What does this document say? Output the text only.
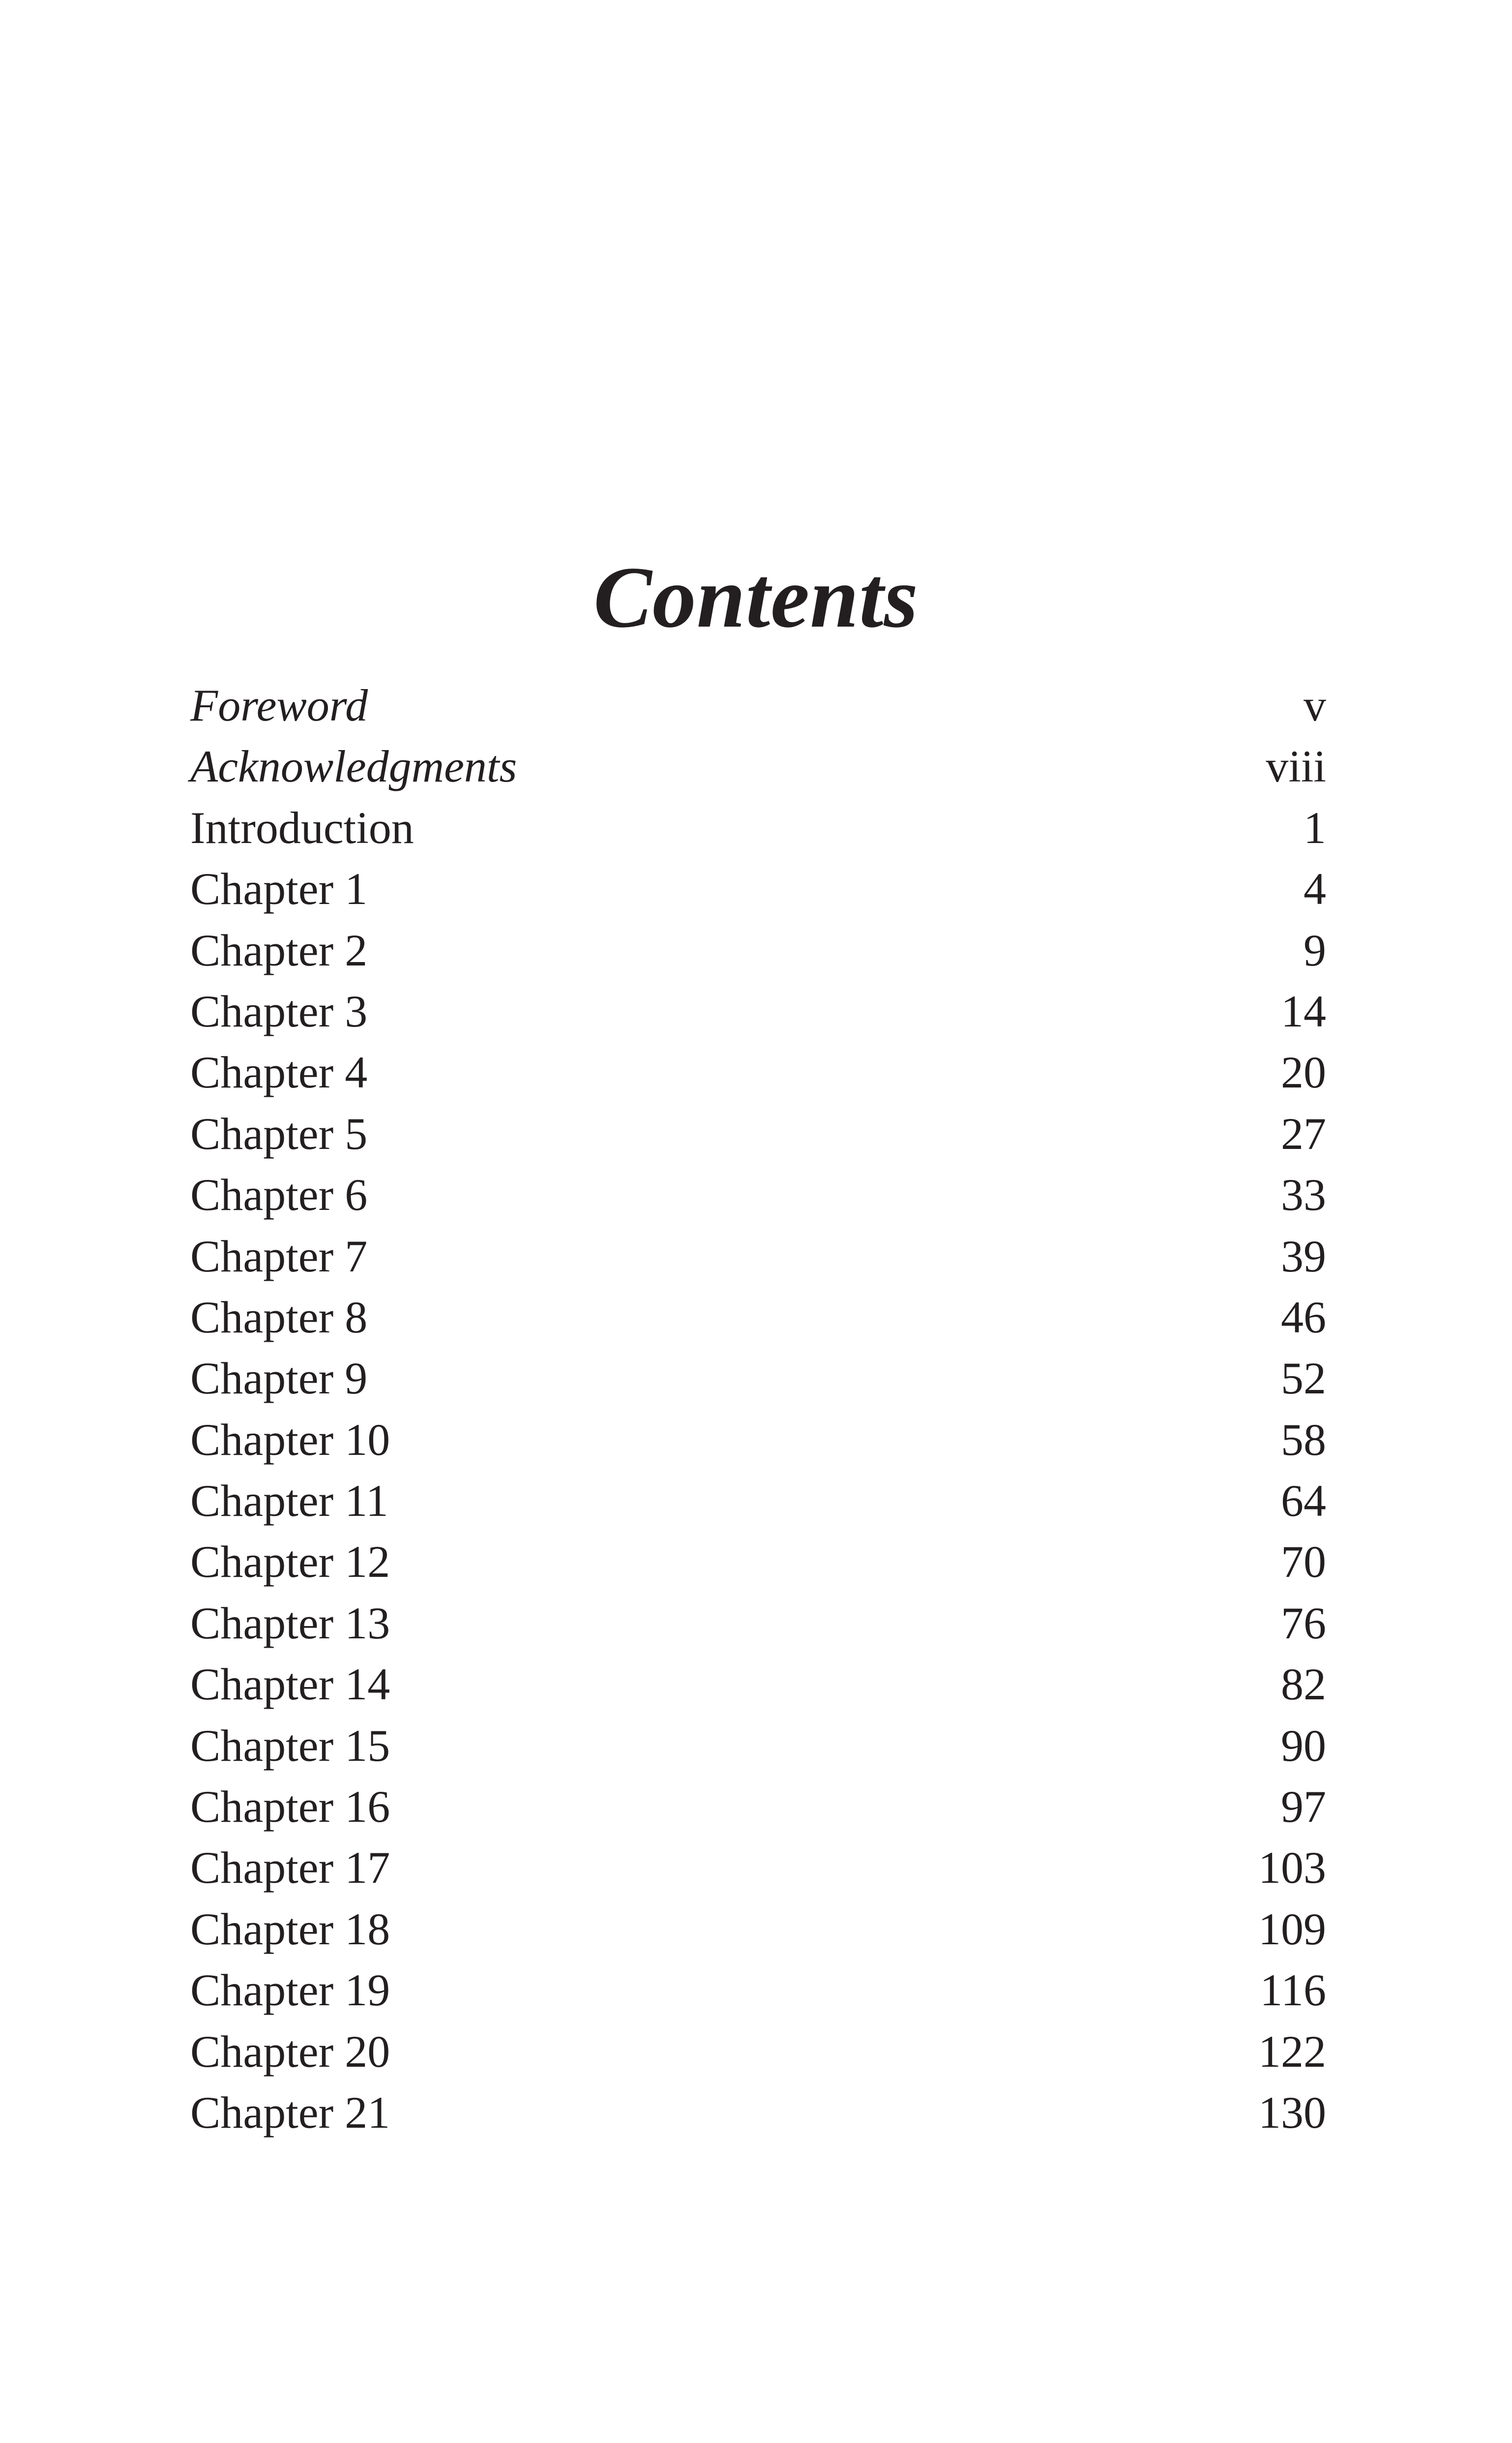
Contents
Foreword	v
Acknowledgments	viii
Introduction	1
Chapter 1	4
Chapter 2	9
Chapter 3	14
Chapter 4	20
Chapter 5	27
Chapter 6	33
Chapter 7	39
Chapter 8	46
Chapter 9	52
Chapter 10	58
Chapter 11	64
Chapter 12	70
Chapter 13	76
Chapter 14	82
Chapter 15	90
Chapter 16	97
Chapter 17	103
Chapter 18	109
Chapter 19	116
Chapter 20	122
Chapter 21	130
